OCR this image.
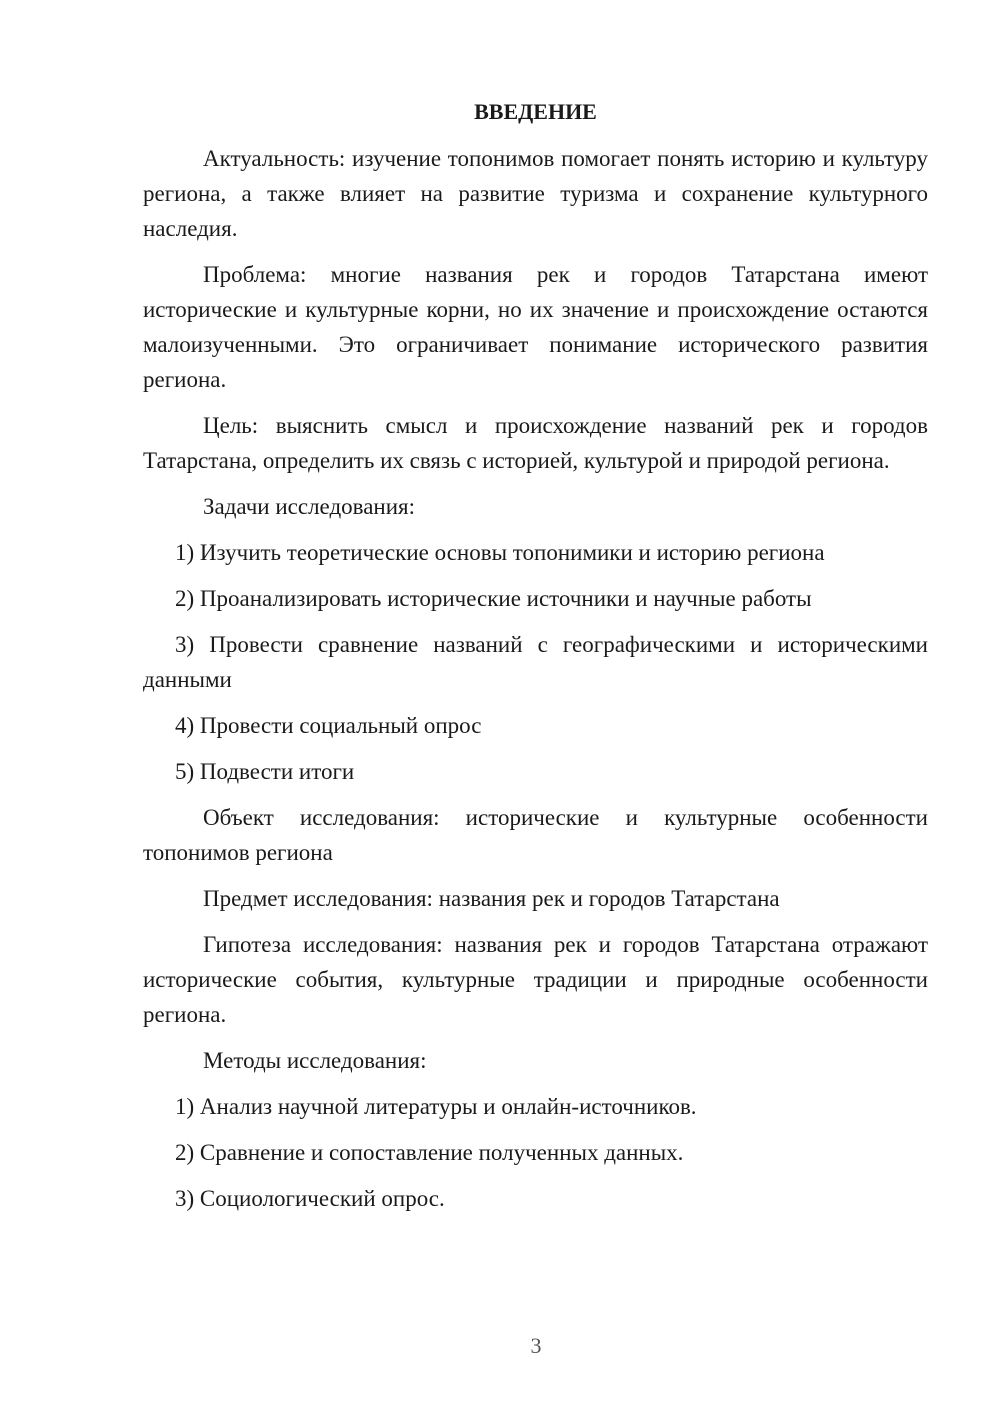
ВВЕДЕНИЕ

Актуальность: изучение топонимов помогает понять историю и культуру региона, а также влияет на развитие туризма и сохранение культурного наследия.

Проблема: многие названия рек и городов Татарстана имеют исторические и культурные корни, но их значение и происхождение остаются малоизученными. Это ограничивает понимание исторического развития региона.

Цель: выяснить смысл и происхождение названий рек и городов Татарстана, определить их связь с историей, культурой и природой региона.

Задачи исследования:

1) Изучить теоретические основы топонимики и историю региона

2) Проанализировать исторические источники и научные работы

3) Провести сравнение названий с географическими и историческими данными

4) Провести социальный опрос

5) Подвести итоги

Объект исследования: исторические и культурные особенности топонимов региона

Предмет исследования: названия рек и городов Татарстана

Гипотеза исследования: названия рек и городов Татарстана отражают исторические события, культурные традиции и природные особенности региона.

Методы исследования:

1) Анализ научной литературы и онлайн-источников.

2) Сравнение и сопоставление полученных данных.

3) Социологический опрос.

3
